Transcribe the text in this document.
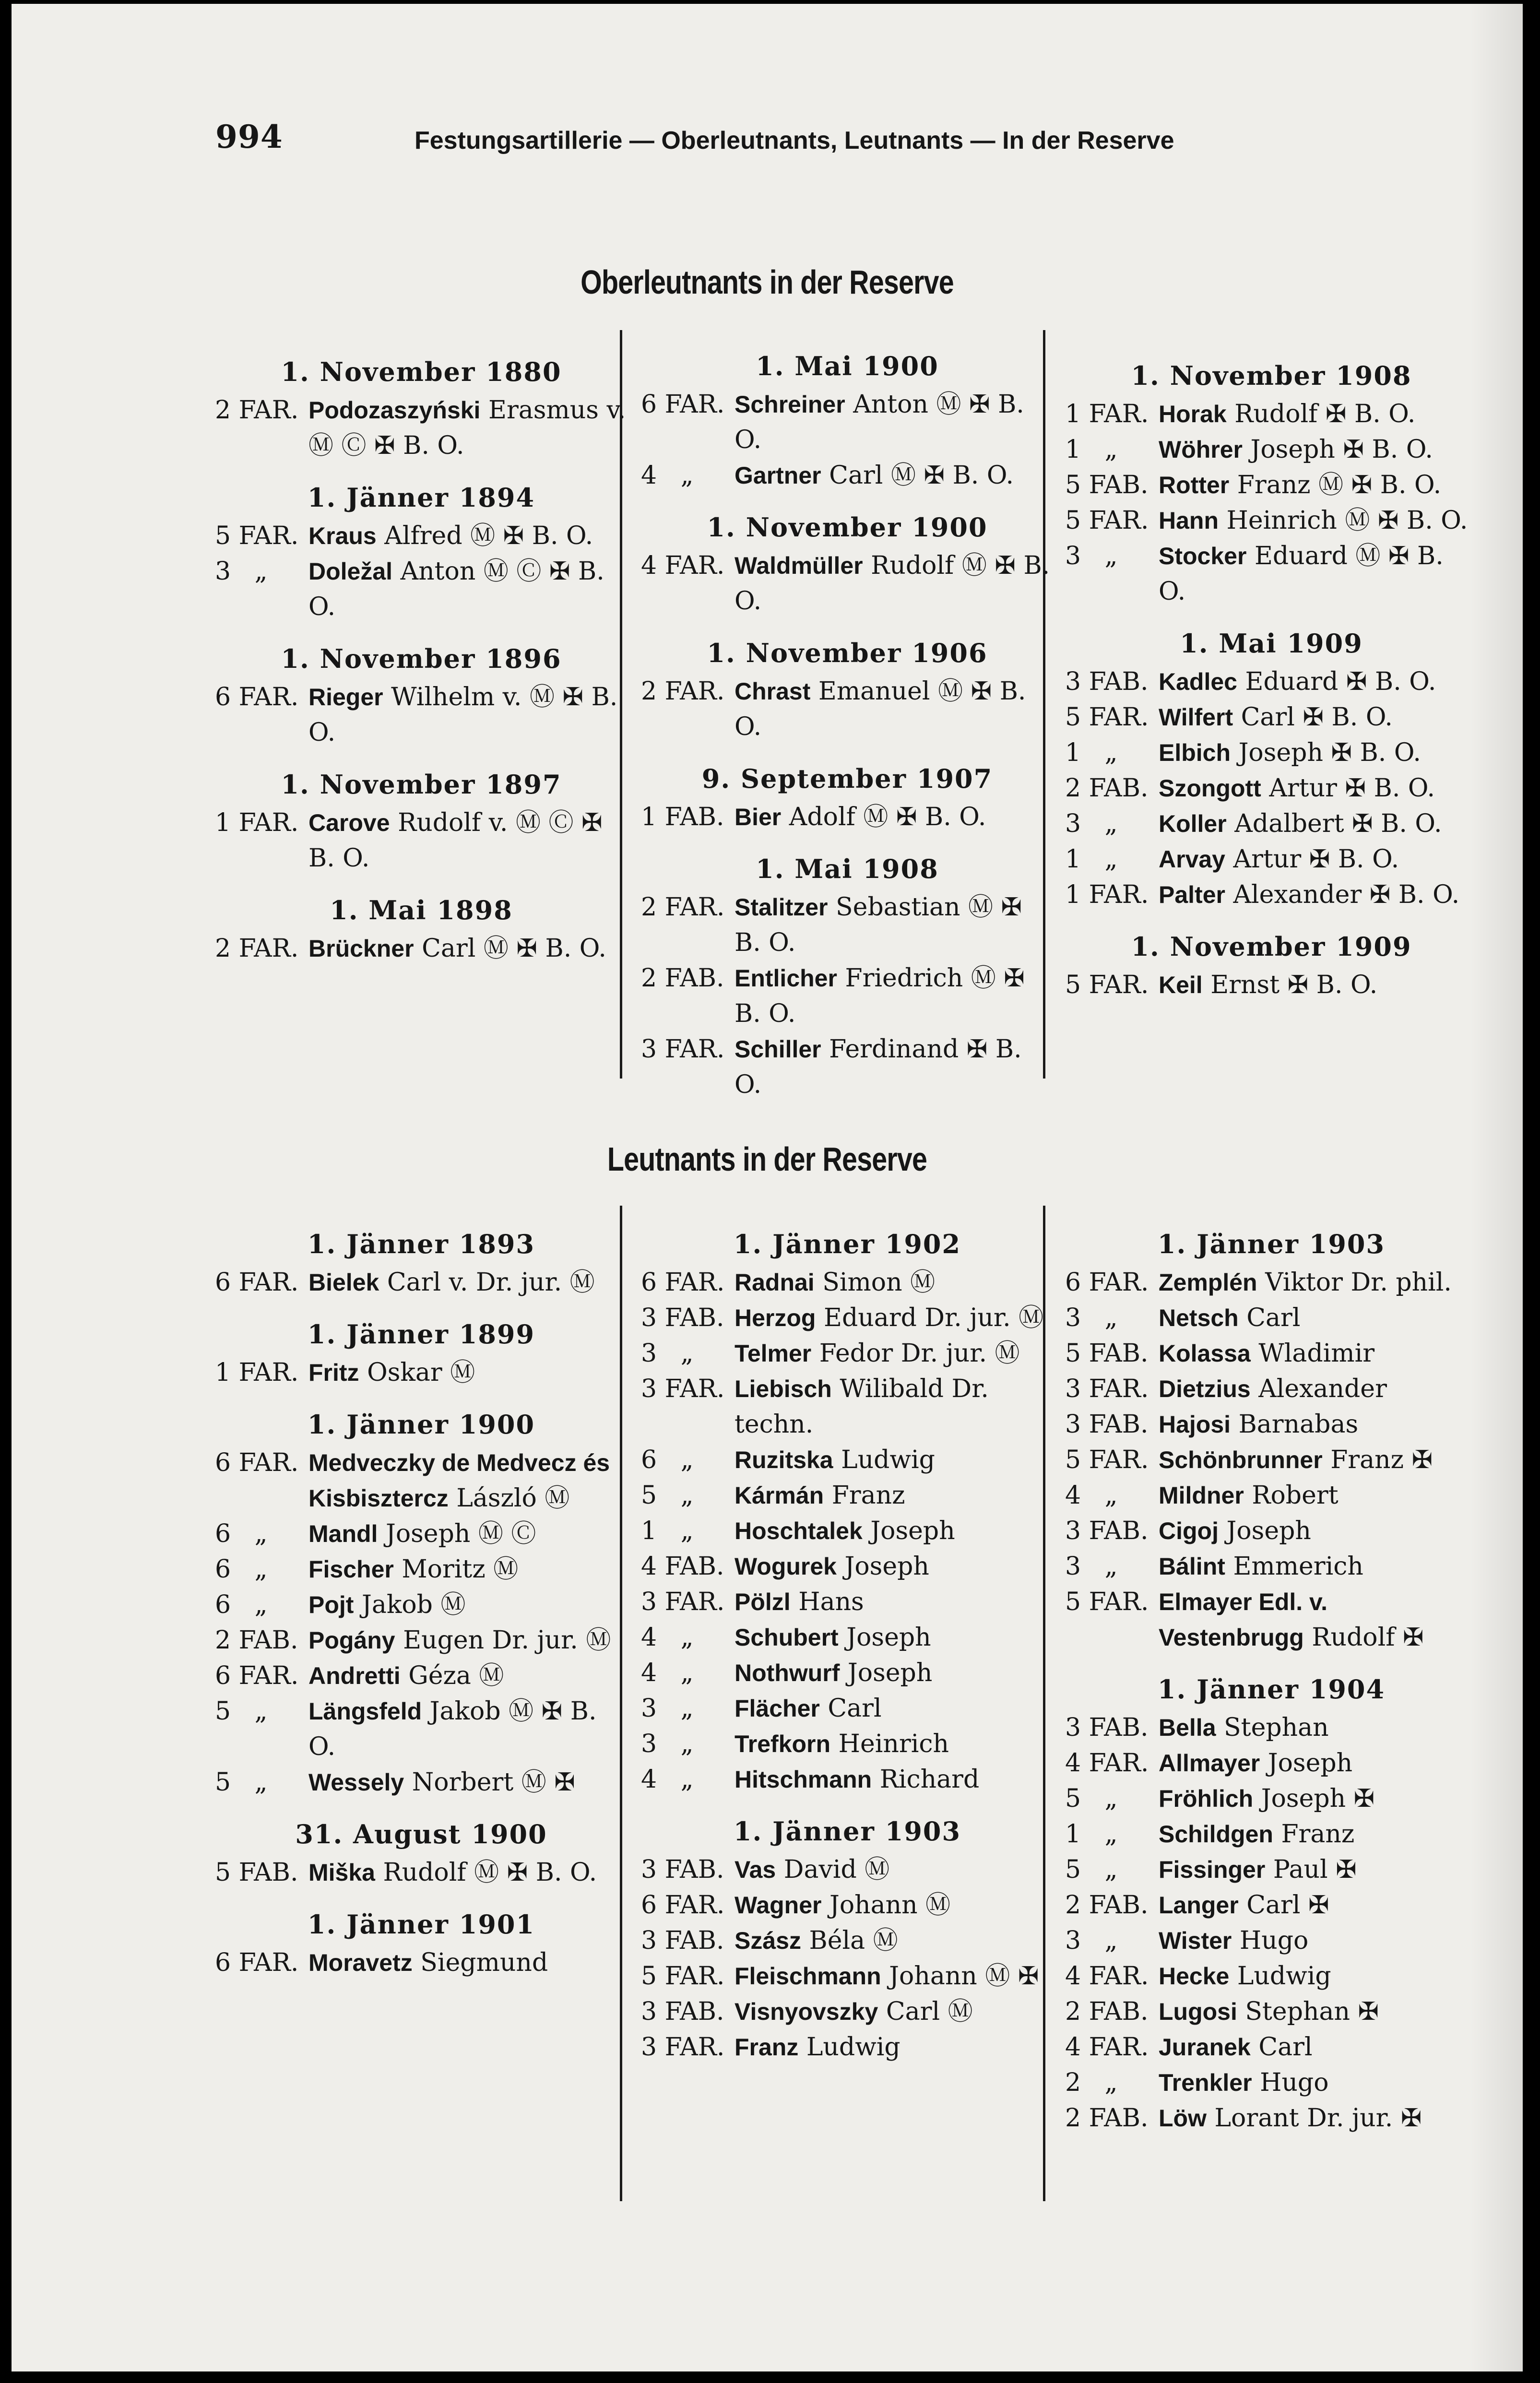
994	Festungsartillerie — Oberleutnants, Leutnants — In der Reserve
Oberleutnants in der Reserve
1. November 1880
2 FAR. Podozaszyński Erasmus v. Ⓜ Ⓒ ✠ B. O.
1. Jänner 1894
5 FAR. Kraus Alfred Ⓜ ✠ B. O.
3   „	Doležal Anton Ⓜ Ⓒ ✠ B. O.
1. November 1896
6 FAR. Rieger Wilhelm v. Ⓜ ✠ B. O.
1. November 1897
1 FAR. Carove Rudolf v. Ⓜ Ⓒ ✠ B. O.
1. Mai 1898
2 FAR. Brückner Carl Ⓜ ✠ B. O.
1. Mai 1900
6 FAR. Schreiner Anton Ⓜ ✠ B. O.
4   „	Gartner Carl Ⓜ ✠ B. O.
1. November 1900
4 FAR. Waldmüller Rudolf Ⓜ ✠ B. O.
1. November 1906
2 FAR. Chrast Emanuel Ⓜ ✠ B. O.
9. September 1907
1 FAB. Bier Adolf Ⓜ ✠ B. O.
1. Mai 1908
2 FAR. Stalitzer Sebastian Ⓜ ✠ B. O.
2 FAB. Entlicher Friedrich Ⓜ ✠ B. O.
3 FAR. Schiller Ferdinand ✠ B. O.
1. November 1908
1 FAR. Horak Rudolf ✠ B. O.
1   „	Wöhrer Joseph ✠ B. O.
5 FAB. Rotter Franz Ⓜ ✠ B. O.
5 FAR. Hann Heinrich Ⓜ ✠ B. O.
3   „	Stocker Eduard Ⓜ ✠ B. O.
1. Mai 1909
3 FAB. Kadlec Eduard ✠ B. O.
5 FAR. Wilfert Carl ✠ B. O.
1   „	Elbich Joseph ✠ B. O.
2 FAB. Szongott Artur ✠ B. O.
3   „	Koller Adalbert ✠ B. O.
1   „	Arvay Artur ✠ B. O.
1 FAR. Palter Alexander ✠ B. O.
1. November 1909
5 FAR. Keil Ernst ✠ B. O.
Leutnants in der Reserve
1. Jänner 1893
6 FAR. Bielek Carl v. Dr. jur. Ⓜ
1. Jänner 1899
1 FAR. Fritz Oskar Ⓜ
1. Jänner 1900
6 FAR. Medveczky de Medvecz és Kisbisztercz László Ⓜ
6   „	Mandl Joseph Ⓜ Ⓒ
6   „	Fischer Moritz Ⓜ
6   „	Pojt Jakob Ⓜ
2 FAB. Pogány Eugen Dr. jur. Ⓜ
6 FAR. Andretti Géza Ⓜ
5   „	Längsfeld Jakob Ⓜ ✠ B. O.
5   „	Wessely Norbert Ⓜ ✠
31. August 1900
5 FAB. Miška Rudolf Ⓜ ✠ B. O.
1. Jänner 1901
6 FAR. Moravetz Siegmund
1. Jänner 1902
6 FAR. Radnai Simon Ⓜ
3 FAB. Herzog Eduard Dr. jur. Ⓜ
3   „	Telmer Fedor Dr. jur. Ⓜ
3 FAR. Liebisch Wilibald Dr. techn.
6   „	Ruzitska Ludwig
5   „	Kármán Franz
1   „	Hoschtalek Joseph
4 FAB. Wogurek Joseph
3 FAR. Pölzl Hans
4   „	Schubert Joseph
4   „	Nothwurf Joseph
3   „	Flächer Carl
3   „	Trefkorn Heinrich
4   „	Hitschmann Richard
1. Jänner 1903
3 FAB. Vas David Ⓜ
6 FAR. Wagner Johann Ⓜ
3 FAB. Szász Béla Ⓜ
5 FAR. Fleischmann Johann Ⓜ ✠
3 FAB. Visnyovszky Carl Ⓜ
3 FAR. Franz Ludwig
1. Jänner 1903
6 FAR. Zemplén Viktor Dr. phil.
3   „	Netsch Carl
5 FAB. Kolassa Wladimir
3 FAR. Dietzius Alexander
3 FAB. Hajosi Barnabas
5 FAR. Schönbrunner Franz ✠
4   „	Mildner Robert
3 FAB. Cigoj Joseph
3   „	Bálint Emmerich
5 FAR. Elmayer Edl. v. Vestenbrugg Rudolf ✠
1. Jänner 1904
3 FAB. Bella Stephan
4 FAR. Allmayer Joseph
5   „	Fröhlich Joseph ✠
1   „	Schildgen Franz
5   „	Fissinger Paul ✠
2 FAB. Langer Carl ✠
3   „	Wister Hugo
4 FAR. Hecke Ludwig
2 FAB. Lugosi Stephan ✠
4 FAR. Juranek Carl
2   „	Trenkler Hugo
2 FAB. Löw Lorant Dr. jur. ✠
